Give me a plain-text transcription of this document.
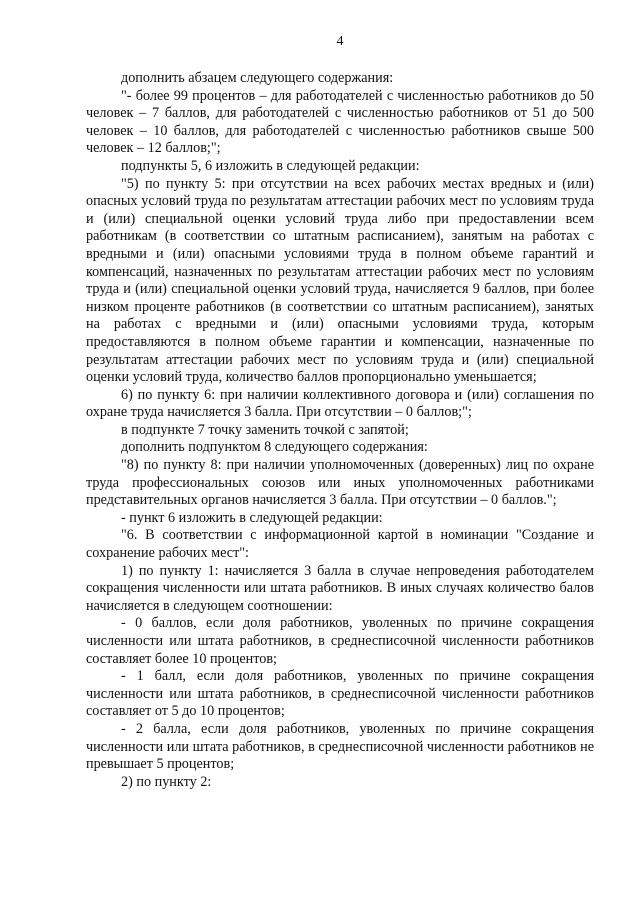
4

дополнить абзацем следующего содержания:

"- более 99 процентов – для работодателей с численностью работников до 50 человек – 7 баллов, для работодателей с численностью работников от 51 до 500 человек – 10 баллов, для работодателей с численностью работников свыше 500 человек – 12 баллов;";

подпункты 5, 6 изложить в следующей редакции:

"5) по пункту 5: при отсутствии на всех рабочих местах вредных и (или) опасных условий труда по результатам аттестации рабочих мест по условиям труда и (или) специальной оценки условий труда либо при предоставлении всем работникам (в соответствии со штатным расписанием), занятым на работах с вредными и (или) опасными условиями труда в полном объеме гарантий и компенсаций, назначенных по результатам аттестации рабочих мест по условиям труда и (или) специальной оценки условий труда, начисляется 9 баллов, при более низком проценте работников (в соответствии со штатным расписанием), занятых на работах с вредными и (или) опасными условиями труда, которым предоставляются в полном объеме гарантии и компенсации, назначенные по результатам аттестации рабочих мест по условиям труда и (или) специальной оценки условий труда, количество баллов пропорционально уменьшается;

6) по пункту 6: при наличии коллективного договора и (или) соглашения по охране труда начисляется 3 балла. При отсутствии – 0 баллов;";

в подпункте 7 точку заменить точкой с запятой;

дополнить подпунктом 8 следующего содержания:

"8) по пункту 8: при наличии уполномоченных (доверенных) лиц по охране труда профессиональных союзов или иных уполномоченных работниками представительных органов начисляется 3 балла. При отсутствии – 0 баллов.";

- пункт 6 изложить в следующей редакции:

"6. В соответствии с информационной картой в номинации "Создание и сохранение рабочих мест":

1) по пункту 1: начисляется 3 балла в случае непроведения работодателем сокращения численности или штата работников. В иных случаях количество балов начисляется в следующем соотношении:

- 0 баллов, если доля работников, уволенных по причине сокращения численности или штата работников, в среднесписочной численности работников составляет более 10 процентов;

- 1 балл, если доля работников, уволенных по причине сокращения численности или штата работников, в среднесписочной численности работников составляет от 5 до 10 процентов;

- 2 балла, если доля работников, уволенных по причине сокращения численности или штата работников, в среднесписочной численности работников не превышает 5 процентов;

2) по пункту 2:
